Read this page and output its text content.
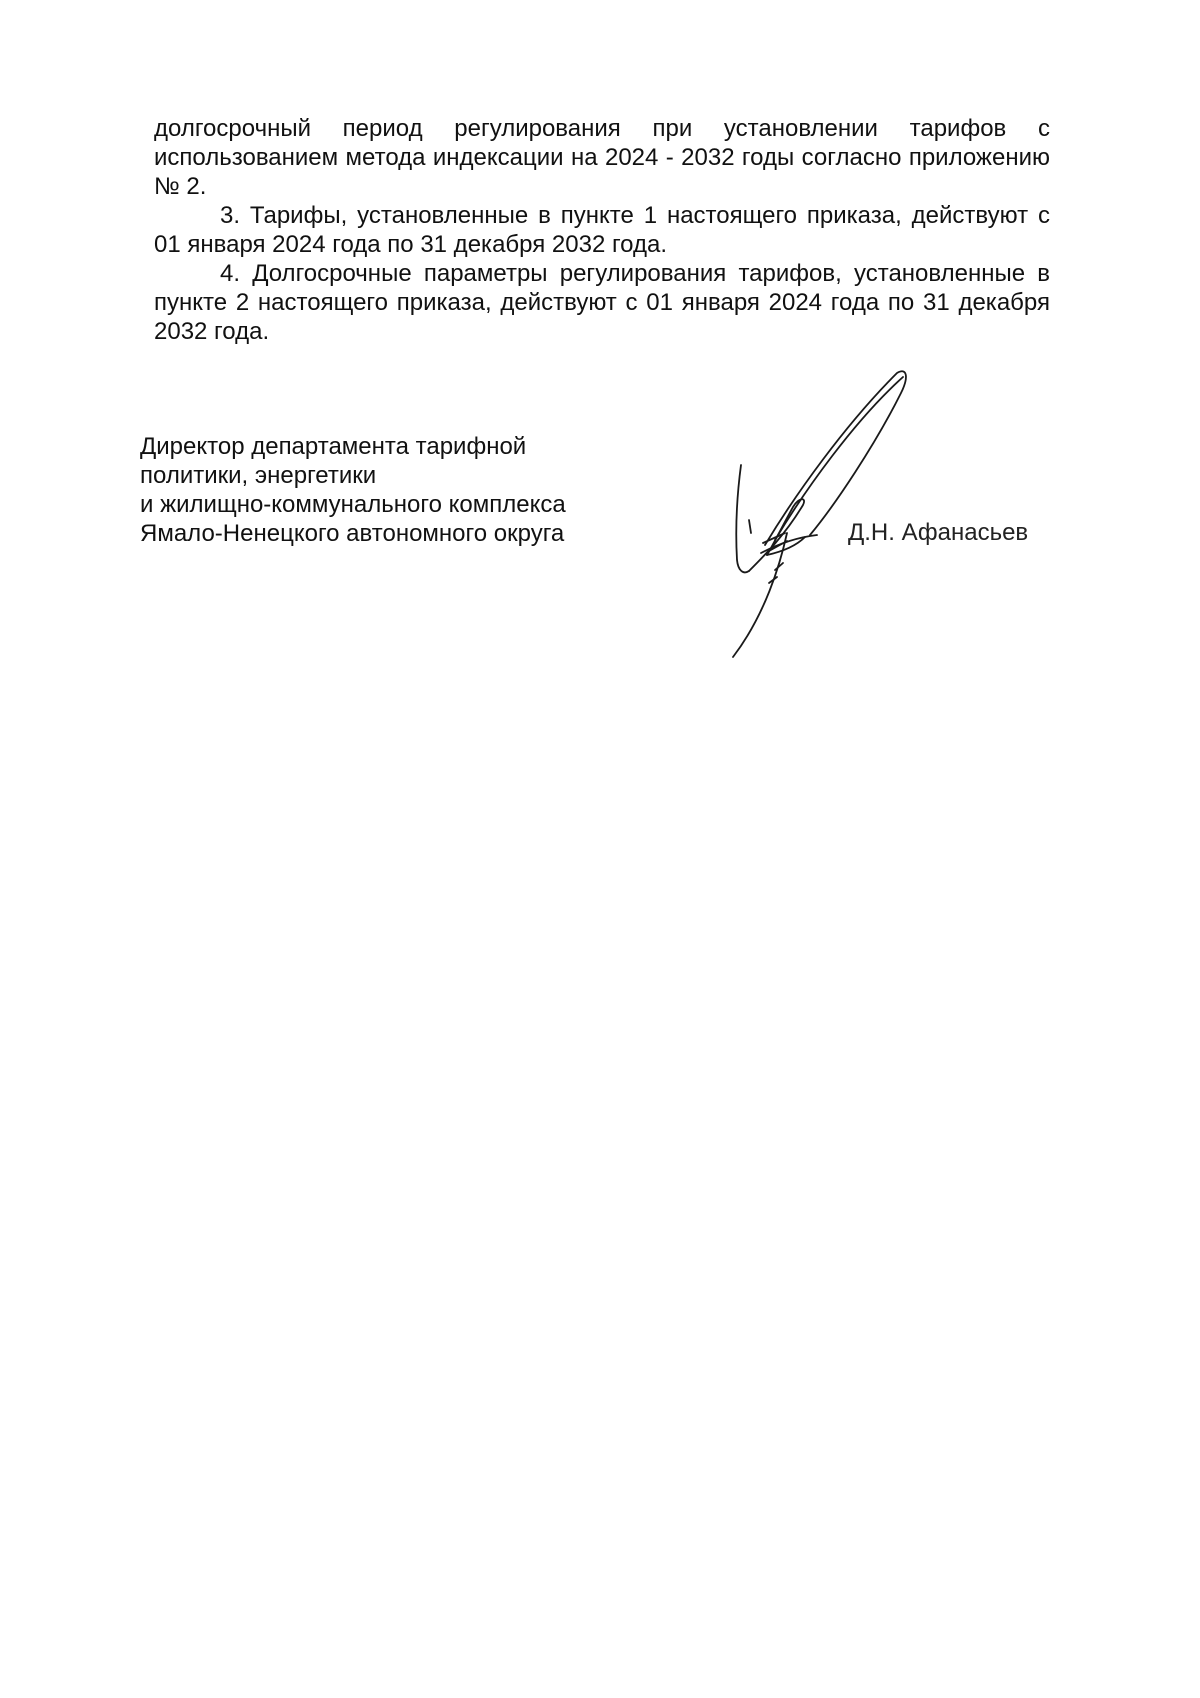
долгосрочный период регулирования при установлении тарифов с использованием метода индексации на 2024 - 2032 годы согласно приложению № 2.

3. Тарифы, установленные в пункте 1 настоящего приказа, действуют с 01 января 2024 года по 31 декабря 2032 года.

4. Долгосрочные параметры регулирования тарифов, установленные в пункте 2 настоящего приказа, действуют с 01 января 2024 года по 31 декабря 2032 года.

Директор департамента тарифной
политики, энергетики
и жилищно-коммунального комплекса
Ямало-Ненецкого автономного округа	Д.Н. Афанасьев
